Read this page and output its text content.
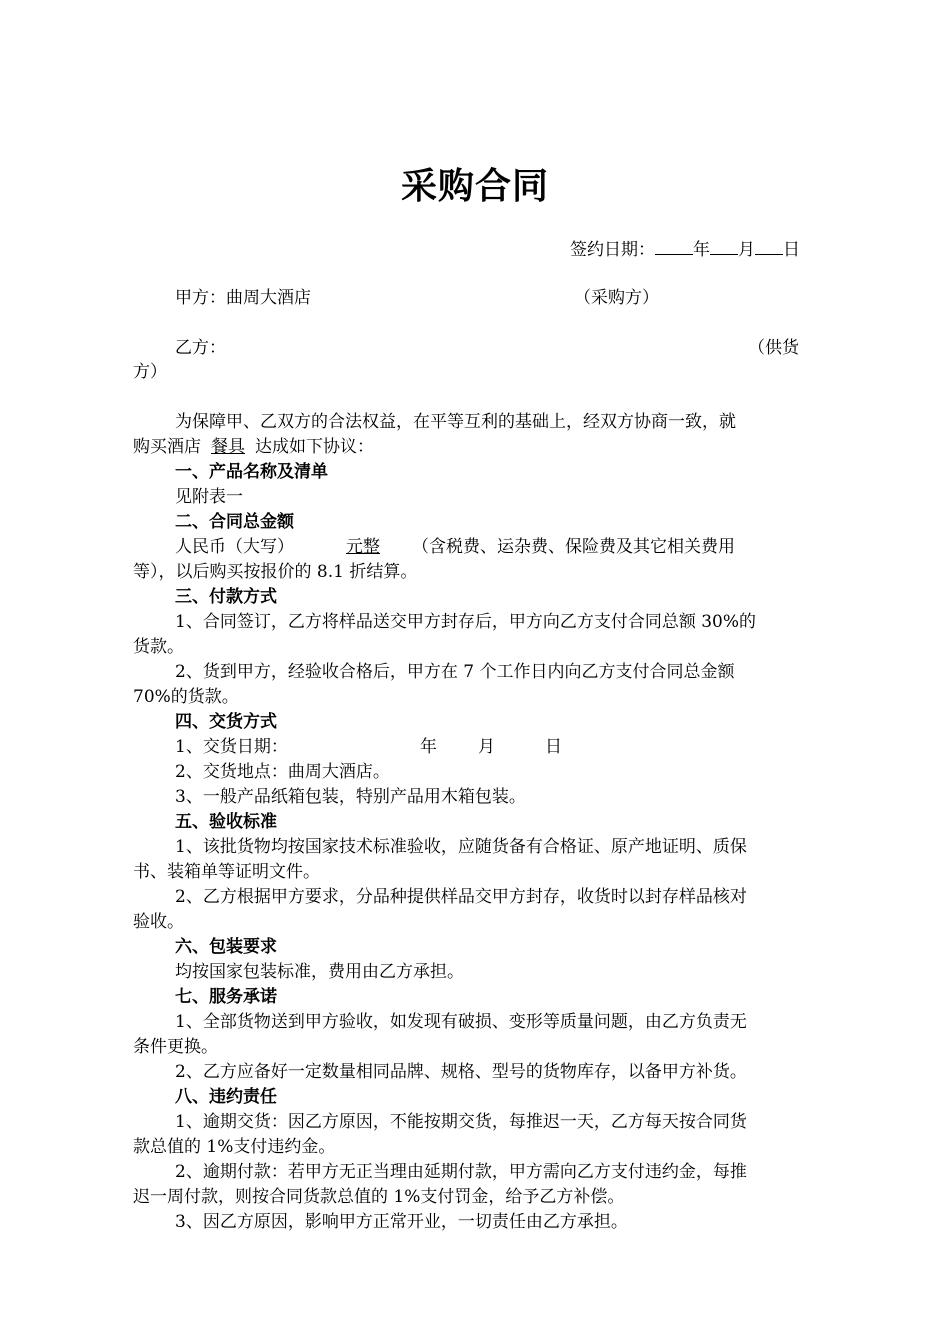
采购合同
签约日期： 年 月 日
甲方：曲周大酒店	（采购方）
乙方：	（供货
方）
为保障甲、乙双方的合法权益，在平等互利的基础上，经双方协商一致，就
购买酒店 餐具 达成如下协议：
一、产品名称及清单
见附表一
二、合同总金额
人民币（大写）	元整 （含税费、运杂费、保险费及其它相关费用
等），以后购买按报价的 8.1 折结算。
三、付款方式
1、合同签订，乙方将样品送交甲方封存后，甲方向乙方支付合同总额 30%的
货款。
2、货到甲方，经验收合格后，甲方在 7 个工作日内向乙方支付合同总金额
70%的货款。
四、交货方式
1、交货日期：	年 月	日
2、交货地点：曲周大酒店。
3、一般产品纸箱包装，特别产品用木箱包装。
五、验收标准
1、该批货物均按国家技术标准验收，应随货备有合格证、原产地证明、质保
书、装箱单等证明文件。
2、乙方根据甲方要求，分品种提供样品交甲方封存，收货时以封存样品核对
验收。
六、包装要求
均按国家包装标准，费用由乙方承担。
七、服务承诺
1、全部货物送到甲方验收，如发现有破损、变形等质量问题，由乙方负责无
条件更换。
2、乙方应备好一定数量相同品牌、规格、型号的货物库存，以备甲方补货。
八、违约责任
1、逾期交货：因乙方原因，不能按期交货，每推迟一天，乙方每天按合同货
款总值的 1%支付违约金。
2、逾期付款：若甲方无正当理由延期付款，甲方需向乙方支付违约金，每推
迟一周付款，则按合同货款总值的 1%支付罚金，给予乙方补偿。
3、因乙方原因，影响甲方正常开业，一切责任由乙方承担。
